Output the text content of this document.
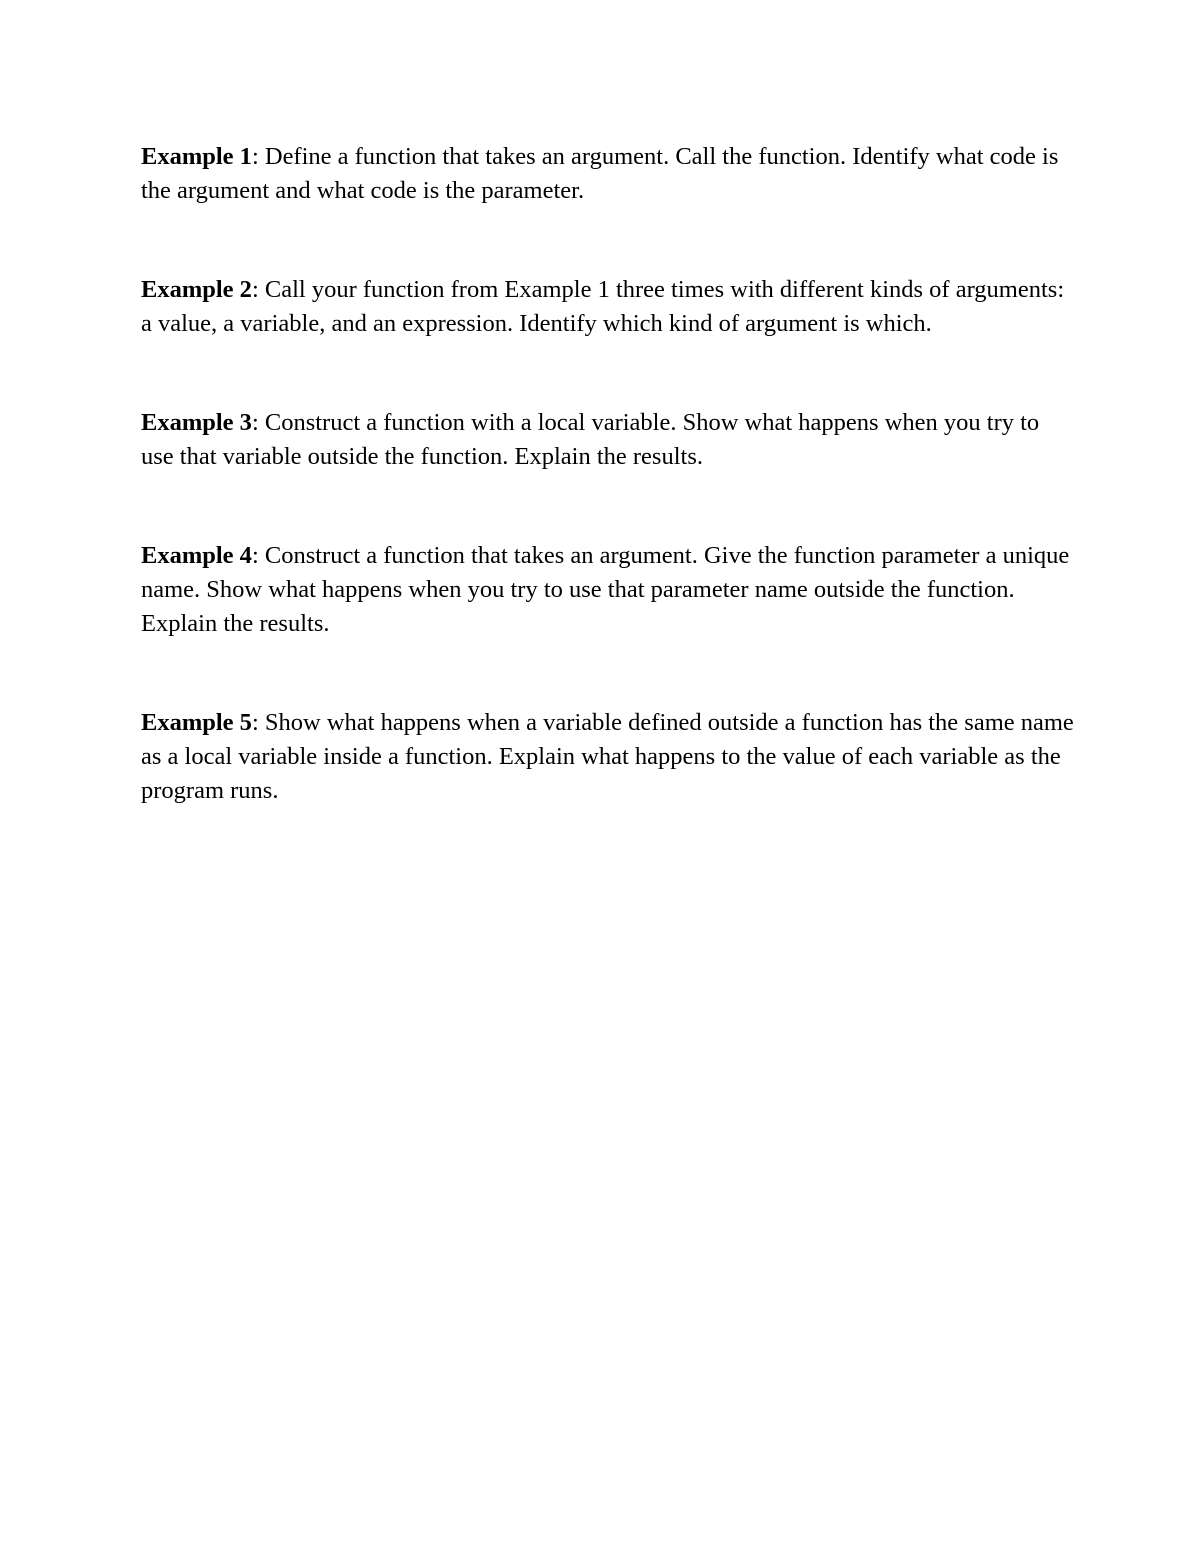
Example 1: Define a function that takes an argument. Call the function. Identify what code is the argument and what code is the parameter.

Example 2: Call your function from Example 1 three times with different kinds of arguments: a value, a variable, and an expression. Identify which kind of argument is which.

Example 3: Construct a function with a local variable. Show what happens when you try to use that variable outside the function. Explain the results.

Example 4: Construct a function that takes an argument. Give the function parameter a unique name. Show what happens when you try to use that parameter name outside the function. Explain the results.

Example 5: Show what happens when a variable defined outside a function has the same name as a local variable inside a function. Explain what happens to the value of each variable as the program runs.
